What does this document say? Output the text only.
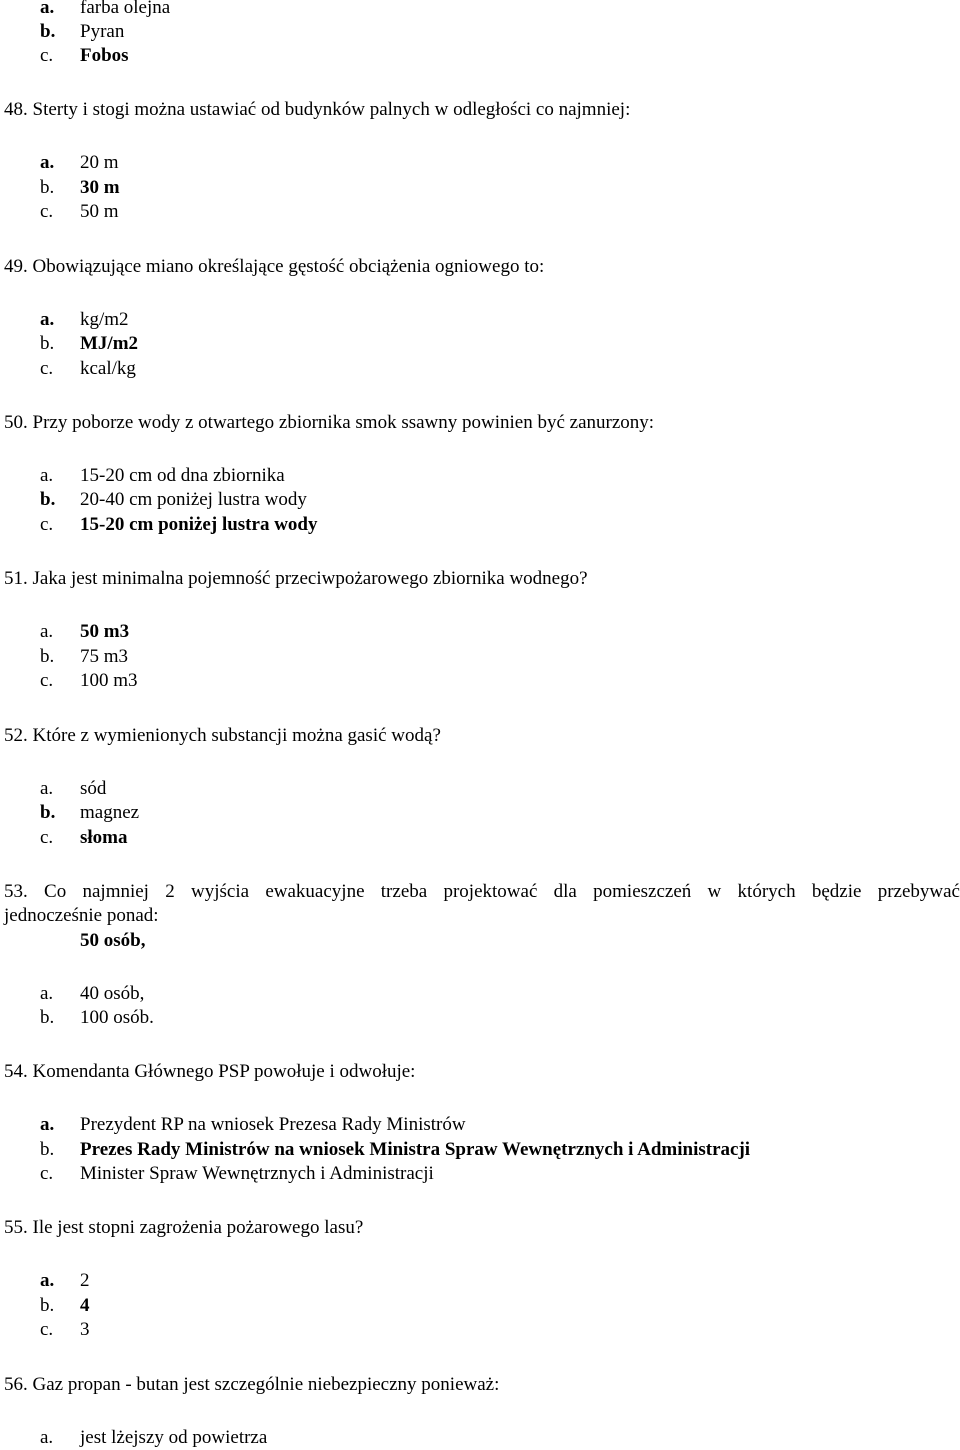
a. farba olejna
b. Pyran
c. Fobos
48. Sterty i stogi można ustawiać od budynków palnych w odległości co najmniej:
a. 20 m
b. 30 m
c. 50 m
49. Obowiązujące miano określające gęstość obciążenia ogniowego to:
a. kg/m2
b. MJ/m2
c. kcal/kg
50. Przy poborze wody z otwartego zbiornika smok ssawny powinien być zanurzony:
a. 15-20 cm od dna zbiornika
b. 20-40 cm poniżej lustra wody
c. 15-20 cm poniżej lustra wody
51. Jaka jest minimalna pojemność przeciwpożarowego zbiornika wodnego?
a. 50 m3
b. 75 m3
c. 100 m3
52. Które z wymienionych substancji można gasić wodą?
a. sód
b. magnez
c. słoma
53. Co najmniej 2 wyjścia ewakuacyjne trzeba projektować dla pomieszczeń w których będzie przebywać
jednocześnie ponad:
50 osób,
a. 40 osób,
b. 100 osób.
54. Komendanta Głównego PSP powołuje i odwołuje:
a. Prezydent RP na wniosek Prezesa Rady Ministrów
b. Prezes Rady Ministrów na wniosek Ministra Spraw Wewnętrznych i Administracji
c. Minister Spraw Wewnętrznych i Administracji
55. Ile jest stopni zagrożenia pożarowego lasu?
a. 2
b. 4
c. 3
56. Gaz propan - butan jest szczególnie niebezpieczny ponieważ:
a. jest lżejszy od powietrza
